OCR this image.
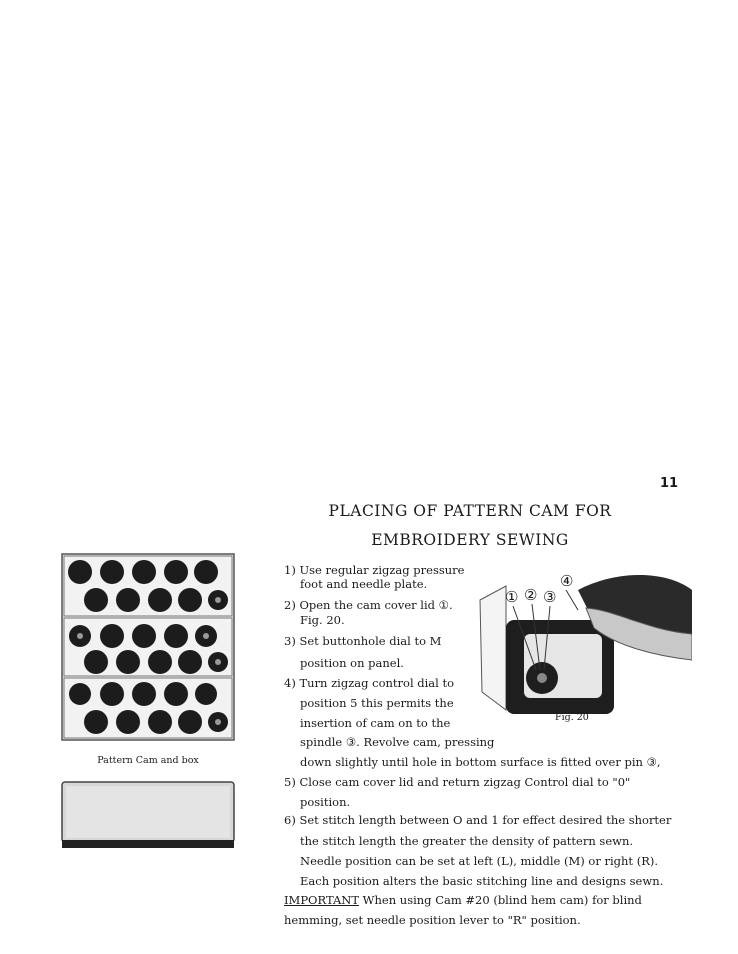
11
PLACING OF PATTERN CAM FOR
EMBROIDERY SEWING
Pattern Cam and box
① ② ③
④
Fig. 20
1) Use regular zigzag pressure
foot and needle plate.
2) Open the cam cover lid ①.
Fig. 20.
3) Set buttonhole dial to M
position on panel.
4) Turn zigzag control dial to
position 5 this permits the
insertion of cam on to the
spindle ③. Revolve cam, pressing
down slightly until hole in bottom surface is fitted over pin ③,
5) Close cam cover lid and return zigzag Control dial to "0"
position.
6) Set stitch length between O and 1 for effect desired the shorter
the stitch length the greater the density of pattern sewn.
Needle position can be set at left (L), middle (M) or right (R).
Each position alters the basic stitching line and designs sewn.
IMPORTANT When using Cam #20 (blind hem cam) for blind
hemming, set needle position lever to "R" position.
